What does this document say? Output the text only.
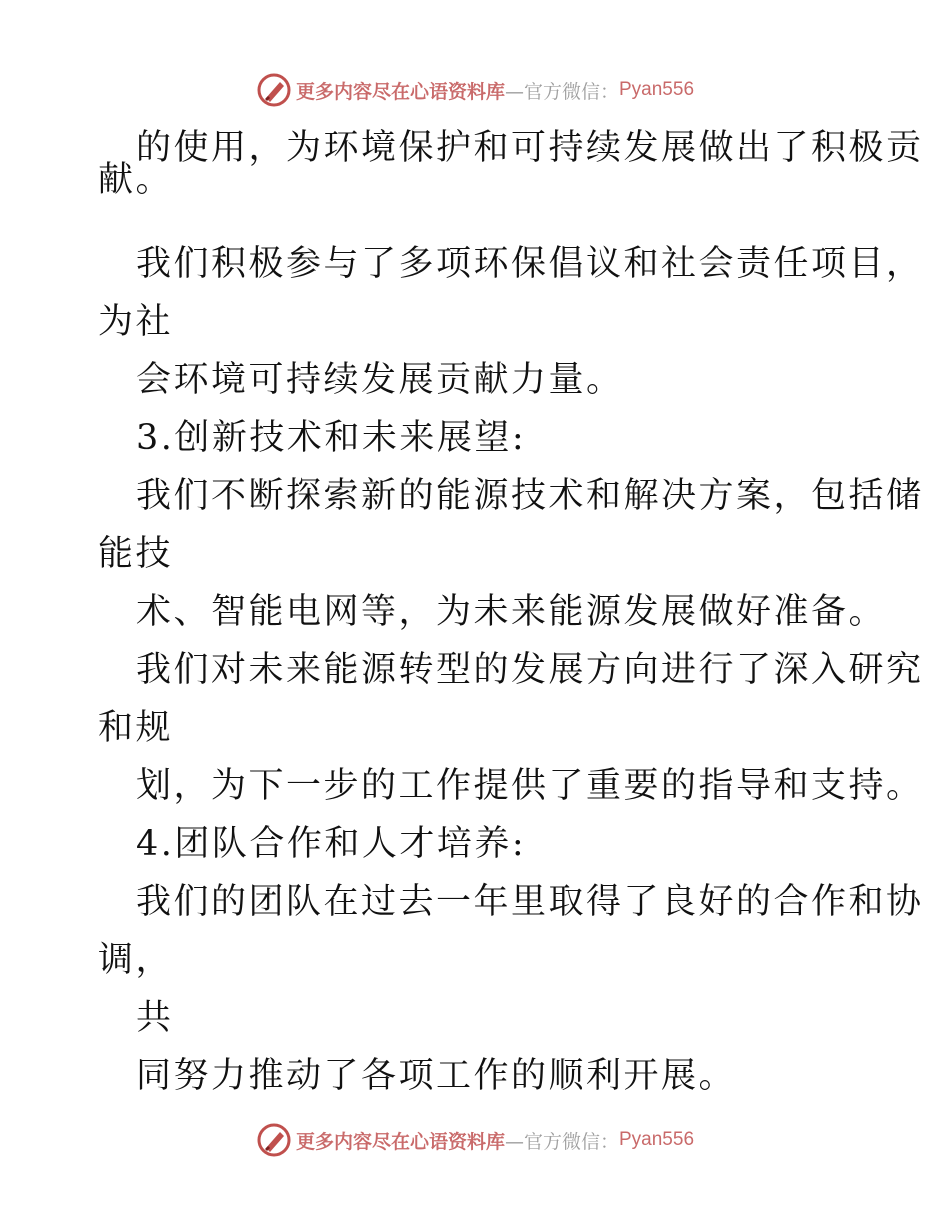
更多内容尽在心语资料库 —官方微信： Pyan556
的使用，为环境保护和可持续发展做出了积极贡
献。
我们积极参与了多项环保倡议和社会责任项目，
为社
会环境可持续发展贡献力量。
3.创新技术和未来展望:
我们不断探索新的能源技术和解决方案，包括储
能技
术、智能电网等，为未来能源发展做好准备。
我们对未来能源转型的发展方向进行了深入研究
和规
划，为下一步的工作提供了重要的指导和支持。
4.团队合作和人才培养:
我们的团队在过去一年里取得了良好的合作和协
调，
共
同努力推动了各项工作的顺利开展。
更多内容尽在心语资料库 —官方微信： Pyan556
